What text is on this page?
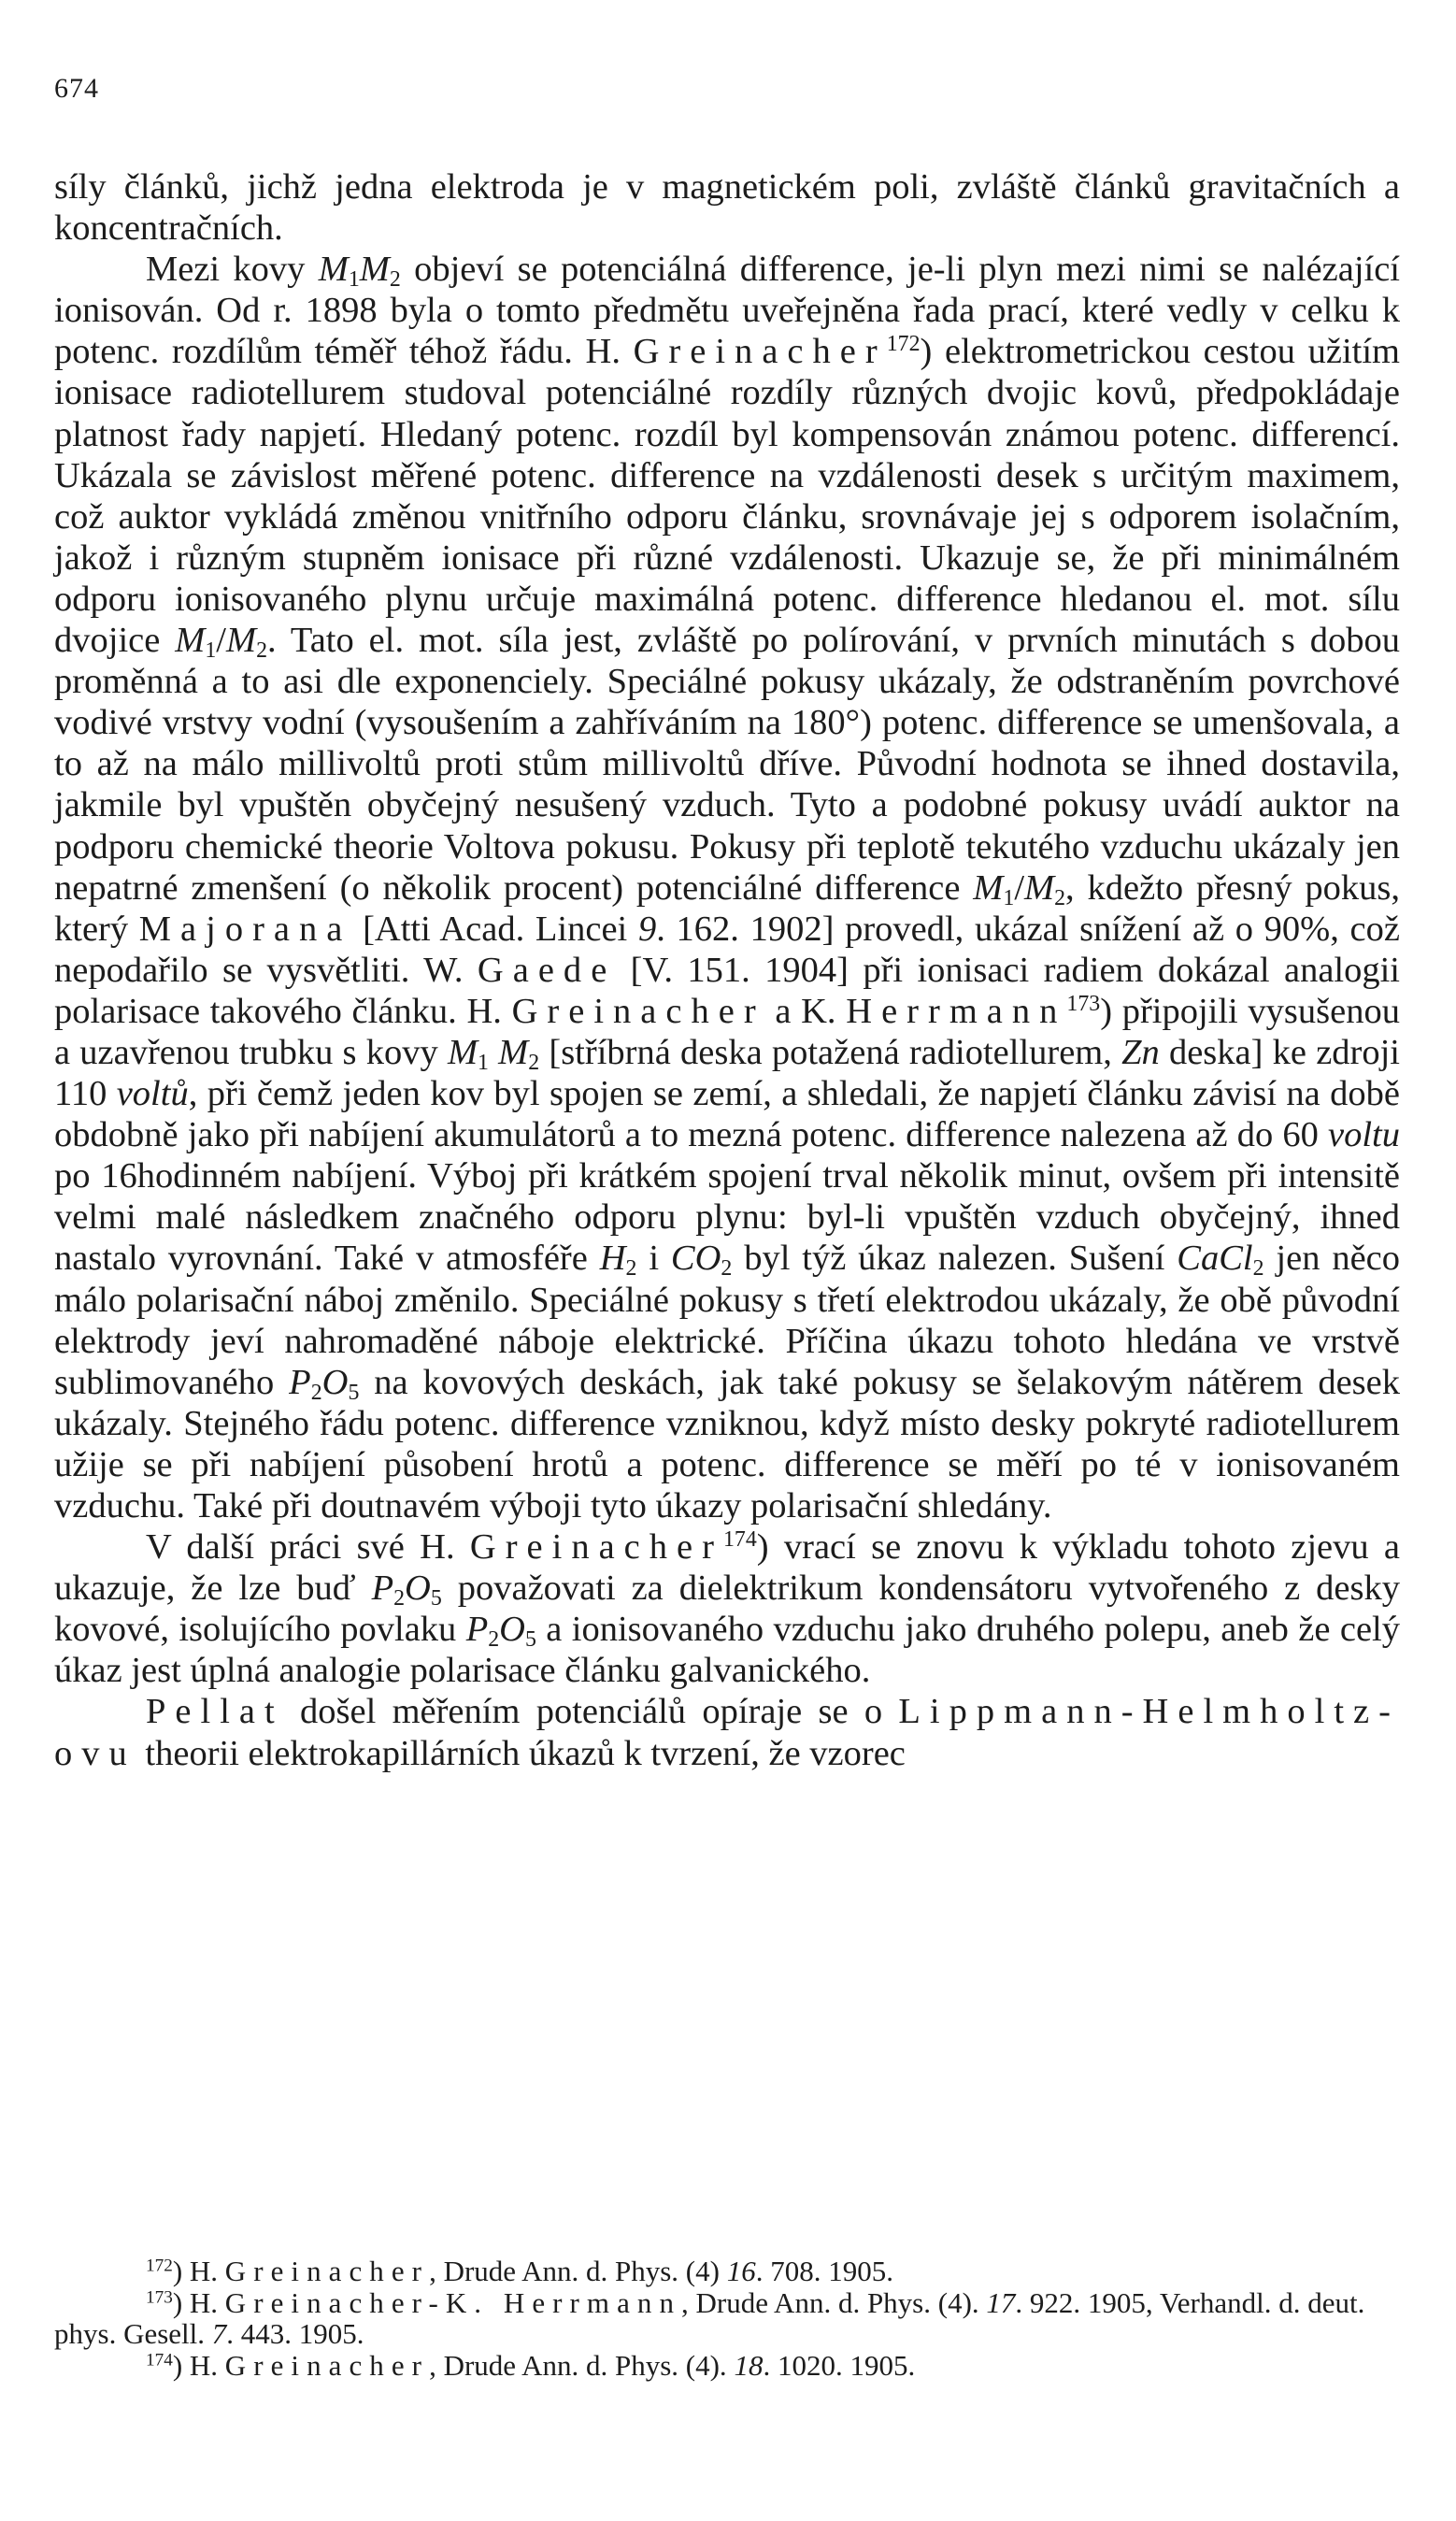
674

síly článků, jichž jedna elektroda je v magnetickém poli, zvláště článků gravitačních a koncentračních.

Mezi kovy $M_1M_2$ objeví se potenciálná difference, je-li plyn mezi nimi se nalézající ionisován. Od r. 1898 byla o tomto předmětu uveřejněna řada prací, které vedly v celku k potenc. rozdílům téměř téhož řádu. H. Greinacher$^{172}$) elektrometrickou cestou užitím ionisace radiotellurem studoval potenciálné rozdíly různých dvojic kovů, předpokládaje platnost řady napjetí. Hledaný potenc. rozdíl byl kompensován známou potenc. differencí. Ukázala se závislost měřené potenc. difference na vzdálenosti desek s určitým maximem, což auktor vykládá změnou vnitřního odporu článku, srovnávaje jej s odporem isolačním, jakož i různým stupněm ionisace při různé vzdálenosti. Ukazuje se, že při minimálném odporu ionisovaného plynu určuje maximálná potenc. difference hledanou el. mot. sílu dvojice $M_1/M_2$. Tato el. mot. síla jest, zvláště po polírování, v prvních minutách s dobou proměnná a to asi dle exponenciely. Speciálné pokusy ukázaly, že odstraněním povrchové vodivé vrstvy vodní (vysoušením a zahříváním na 180°) potenc. difference se umenšovala, a to až na málo millivoltů proti stům millivoltů dříve. Původní hodnota se ihned dostavila, jakmile byl vpuštěn obyčejný nesušený vzduch. Tyto a podobné pokusy uvádí auktor na podporu chemické theorie Voltova pokusu. Pokusy při teplotě tekutého vzduchu ukázaly jen nepatrné zmenšení (o několik procent) potenciálné difference $M_1/M_2$, kdežto přesný pokus, který Majorana [Atti Acad. Lincei 9. 162. 1902] provedl, ukázal snížení až o 90%, což nepodařilo se vysvětliti. W. Gaede [V. 151. 1904] při ionisaci radiem dokázal analogii polarisace takového článku. H. Greinacher a K. Herrmann$^{173}$) připojili vysušenou a uzavřenou trubku s kovy $M_1$ $M_2$ [stříbrná deska potažená radiotellurem, Zn deska] ke zdroji 110 voltů, při čemž jeden kov byl spojen se zemí, a shledali, že napjetí článku závisí na době obdobně jako při nabíjení akumulátorů a to mezná potenc. difference nalezena až do 60 voltu po 16hodinném nabíjení. Výboj při krátkém spojení trval několik minut, ovšem při intensitě velmi malé následkem značného odporu plynu: byl-li vpuštěn vzduch obyčejný, ihned nastalo vyrovnání. Také v atmosféře $H_2$ i $CO_2$ byl týž úkaz nalezen. Sušení CaCl$_2$ jen něco málo polarisační náboj změnilo. Speciálné pokusy s třetí elektrodou ukázaly, že obě původní elektrody jeví nahromaděné náboje elektrické. Příčina úkazu tohoto hledána ve vrstvě sublimovaného $P_2O_5$ na kovových deskách, jak také pokusy se šelakovým nátěrem desek ukázaly. Stejného řádu potenc. difference vzniknou, když místo desky pokryté radiotellurem užije se při nabíjení působení hrotů a potenc. difference se měří po té v ionisovaném vzduchu. Také při doutnavém výboji tyto úkazy polarisační shledány.

V další práci své H. Greinacher$^{174}$) vrací se znovu k výkladu tohoto zjevu a ukazuje, že lze buď $P_2O_5$ považovati za dielektrikum kondensátoru vytvořeného z desky kovové, isolujícího povlaku $P_2O_5$ a ionisovaného vzduchu jako druhého polepu, aneb že celý úkaz jest úplná analogie polarisace článku galvanického.

Pellat došel měřením potenciálů opíraje se o Lippmann-Helmholtz-ovu theorii elektrokapillárních úkazů k tvrzení, že vzorec

$^{172}$) H. Greinacher, Drude Ann. d. Phys. (4) 16. 708. 1905.

$^{173}$) H. Greinacher-K. Herrmann, Drude Ann. d. Phys. (4). 17. 922. 1905, Verhandl. d. deut. phys. Gesell. 7. 443. 1905.

$^{174}$) H. Greinacher, Drude Ann. d. Phys. (4). 18. 1020. 1905.
